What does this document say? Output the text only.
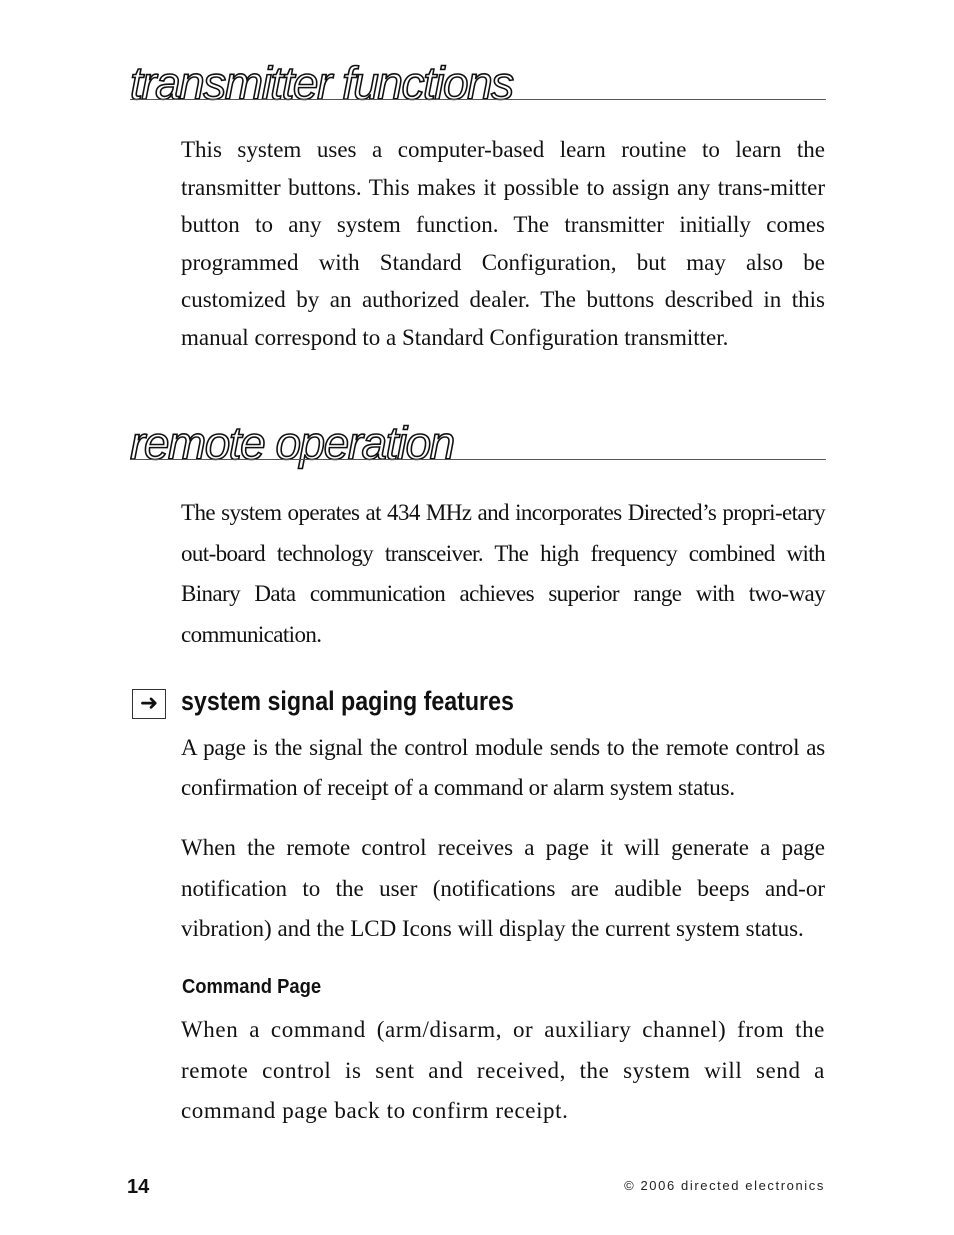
transmitter functions

This system uses a computer-based learn routine to learn the transmitter buttons. This makes it possible to assign any trans-mitter button to any system function. The transmitter initially comes programmed with Standard Configuration, but may also be customized by an authorized dealer. The buttons described in this manual correspond to a Standard Configuration transmitter.

remote operation

The system operates at 434 MHz and incorporates Directed’s propri-etary out-board technology transceiver. The high frequency combined with Binary Data communication achieves superior range with two-way communication.

➜ system signal paging features

A page is the signal the control module sends to the remote control as confirmation of receipt of a command or alarm system status.

When the remote control receives a page it will generate a page notification to the user (notifications are audible beeps and-or vibration) and the LCD Icons will display the current system status.

Command Page

When a command (arm/disarm, or auxiliary channel) from the remote control is sent and received, the system will send a command page back to confirm receipt.

14	© 2006 directed electronics
